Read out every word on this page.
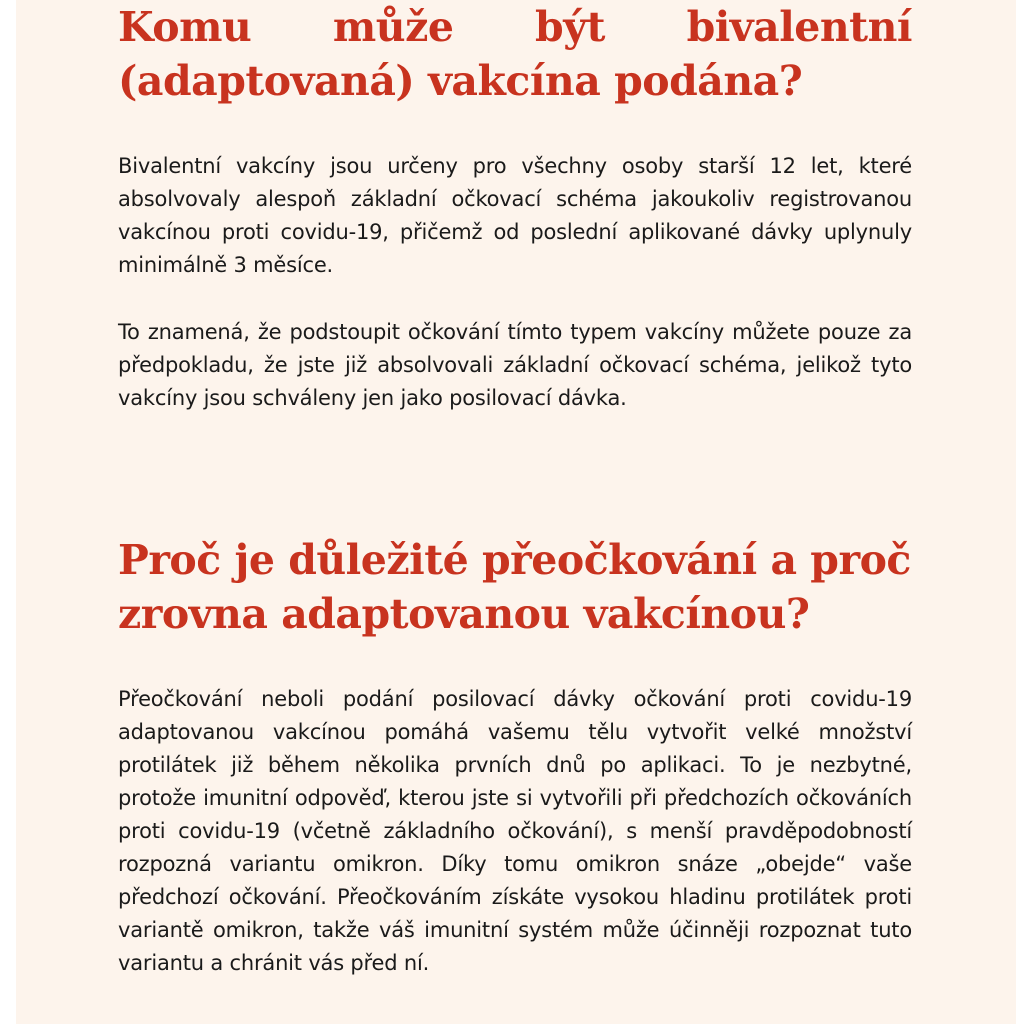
Komu může být bivalentní (adaptovaná) vakcína podána?

Bivalentní vakcíny jsou určeny pro všechny osoby starší 12 let, které absolvovaly alespoň základní očkovací schéma jakoukoliv registrovanou vakcínou proti covidu-19, přičemž od poslední aplikované dávky uplynuly minimálně 3 měsíce.

To znamená, že podstoupit očkování tímto typem vakcíny můžete pouze za předpokladu, že jste již absolvovali základní očkovací schéma, jelikož tyto vakcíny jsou schváleny jen jako posilovací dávka.

Proč je důležité přeočkování a proč zrovna adaptovanou vakcínou?

Přeočkování neboli podání posilovací dávky očkování proti covidu-19 adaptovanou vakcínou pomáhá vašemu tělu vytvořit velké množství protilátek již během několika prvních dnů po aplikaci. To je nezbytné, protože imunitní odpověď, kterou jste si vytvořili při předchozích očkováních proti covidu-19 (včetně základního očkování), s menší pravděpodobností rozpozná variantu omikron. Díky tomu omikron snáze „obejde“ vaše předchozí očkování. Přeočkováním získáte vysokou hladinu protilátek proti variantě omikron, takže váš imunitní systém může účinněji rozpoznat tuto variantu a chránit vás před ní.
